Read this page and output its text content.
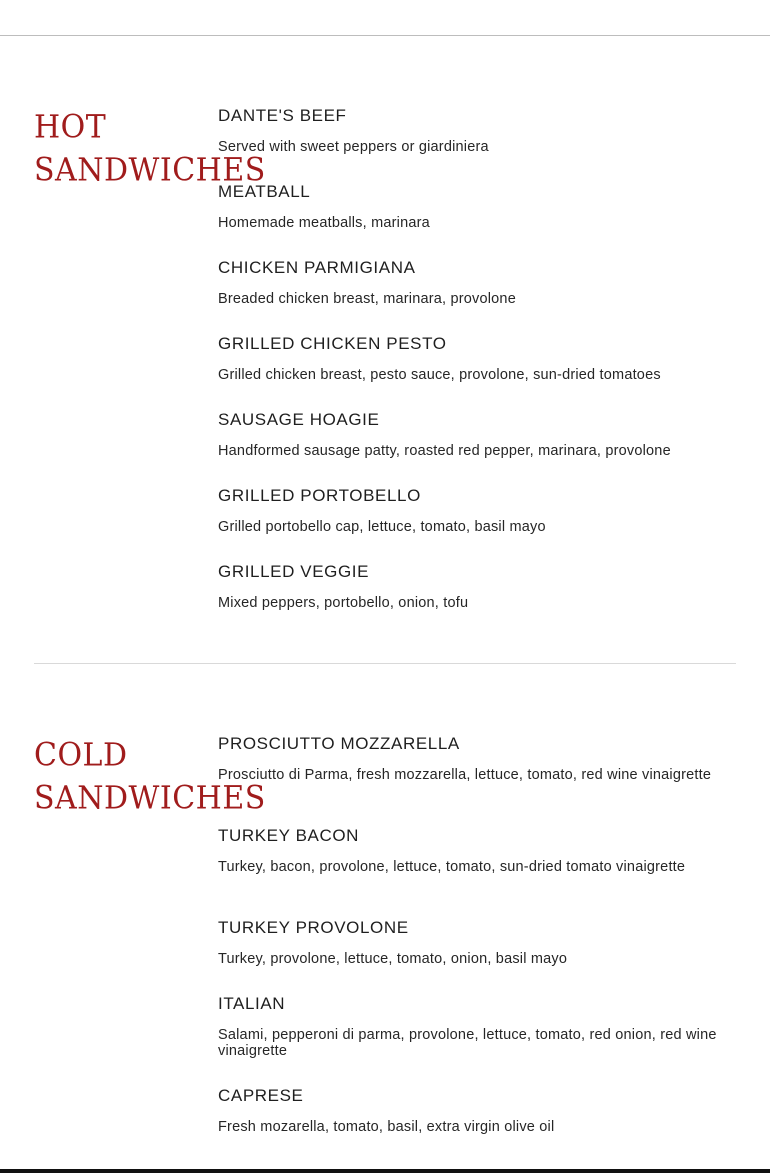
HOT SANDWICHES
DANTE'S BEEF
Served with sweet peppers or giardiniera
MEATBALL
Homemade meatballs, marinara
CHICKEN PARMIGIANA
Breaded chicken breast, marinara, provolone
GRILLED CHICKEN PESTO
Grilled chicken breast, pesto sauce, provolone, sun-dried tomatoes
SAUSAGE HOAGIE
Handformed sausage patty, roasted red pepper, marinara, provolone
GRILLED PORTOBELLO
Grilled portobello cap, lettuce, tomato, basil mayo
GRILLED VEGGIE
Mixed peppers, portobello, onion, tofu
COLD SANDWICHES
PROSCIUTTO MOZZARELLA
Prosciutto di Parma, fresh mozzarella, lettuce, tomato, red wine vinaigrette
TURKEY BACON
Turkey, bacon, provolone, lettuce, tomato, sun-dried tomato vinaigrette
TURKEY PROVOLONE
Turkey, provolone, lettuce, tomato, onion, basil mayo
ITALIAN
Salami, pepperoni di parma, provolone, lettuce, tomato, red onion, red wine vinaigrette
CAPRESE
Fresh mozarella, tomato, basil, extra virgin olive oil
